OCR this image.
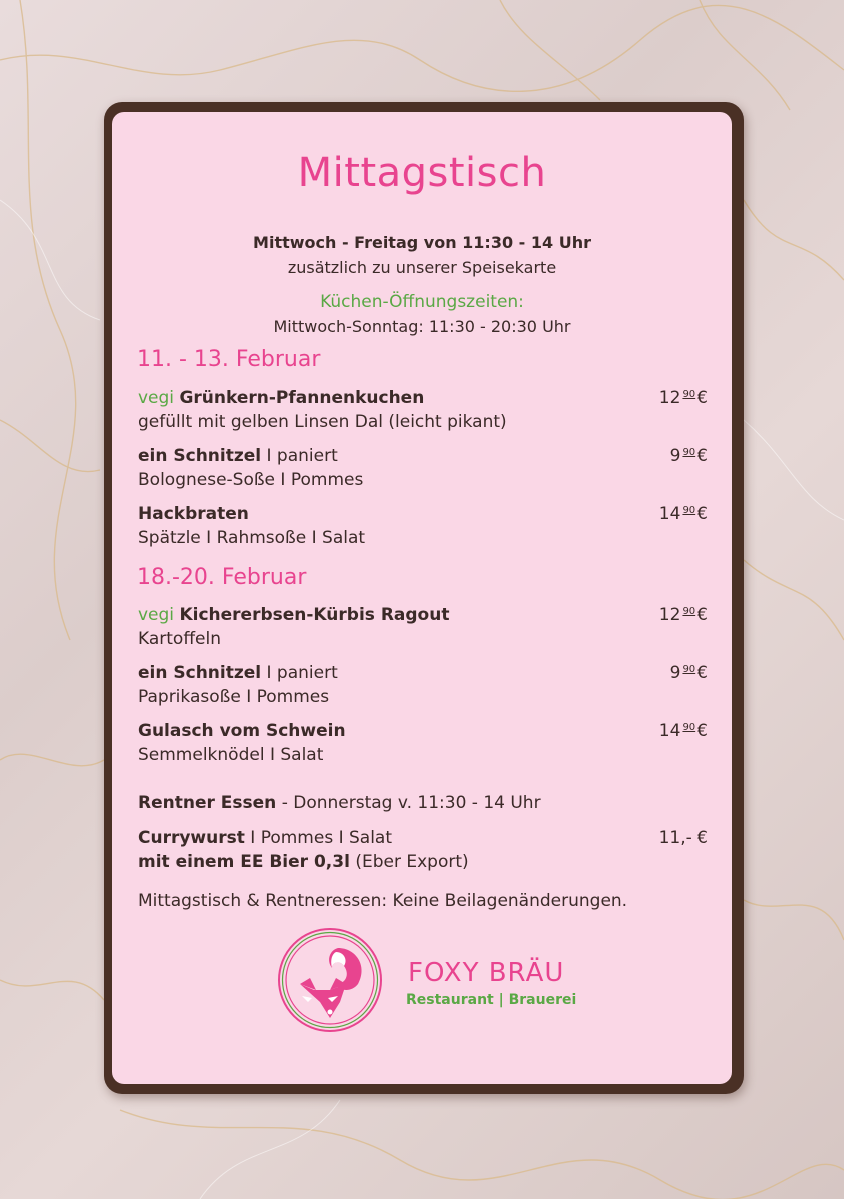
Mittagstisch
Mittwoch - Freitag von 11:30 - 14 Uhr
zusätzlich zu unserer Speisekarte
Küchen-Öffnungszeiten:
Mittwoch-Sonntag: 11:30 - 20:30 Uhr
11. - 13. Februar
vegi Grünkern-Pfannenkuchen
gefüllt mit gelben Linsen Dal (leicht pikant)
12 $^{90}$ €
ein Schnitzel I paniert
Bolognese-Soße I Pommes
9 $^{90}$ €
Hackbraten
Spätzle I Rahmsoße I Salat
14 $^{90}$ €
18.-20. Februar
vegi Kichererbsen-Kürbis Ragout
Kartoffeln
12 $^{90}$ €
ein Schnitzel I paniert
Paprikasoße I Pommes
9 $^{90}$ €
Gulasch vom Schwein
Semmelknödel I Salat
14 $^{90}$ €
Rentner Essen - Donnerstag v. 11:30 - 14 Uhr
Currywurst I Pommes I Salat
mit einem EE Bier 0,3l (Eber Export)
11,- €
Mittagstisch & Rentneressen: Keine Beilagenänderungen.
FOXY BRÄU
Restaurant | Brauerei
